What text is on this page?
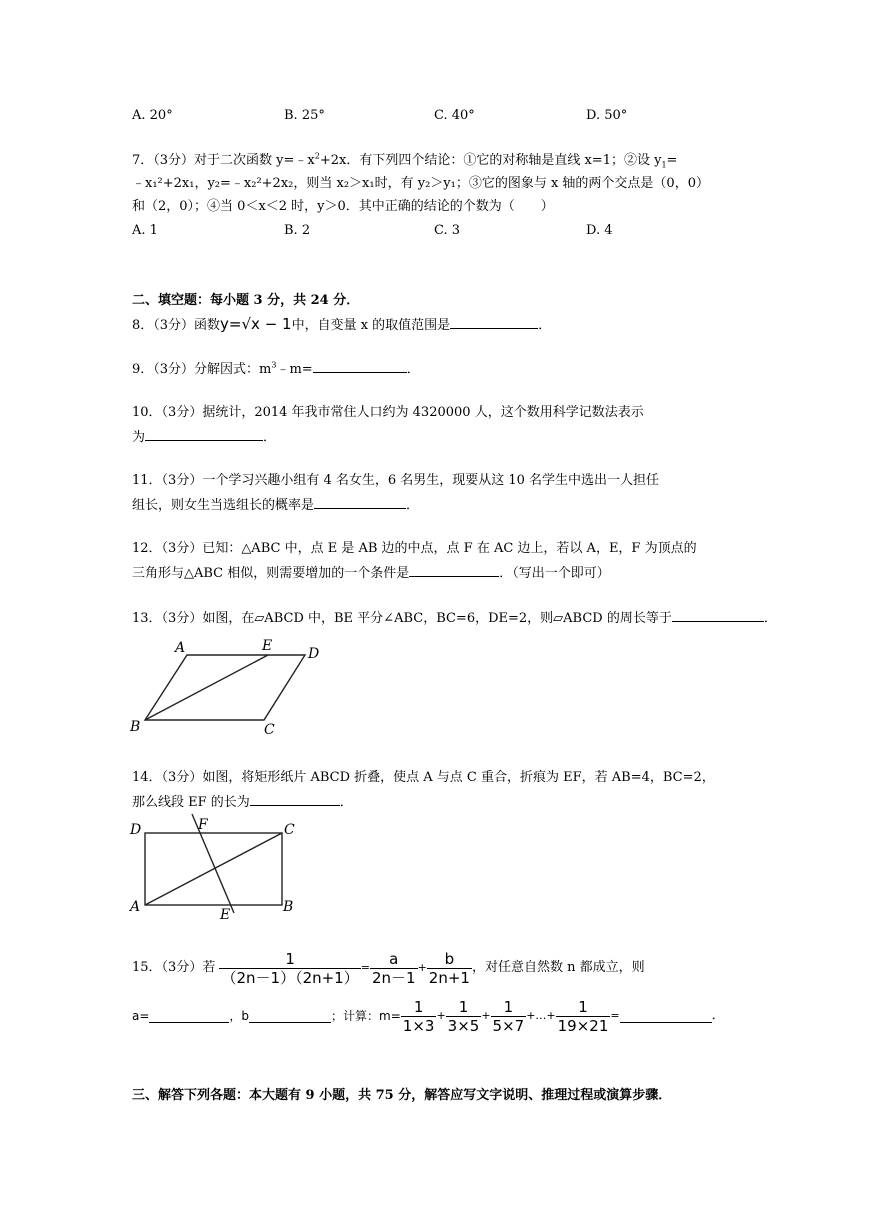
A. 20°	B. 25°	C. 40°	D. 50°
7．（3分）对于二次函数 $y=﹣x^2+2x$．有下列四个结论：①它的对称轴是直线 x=1；②设 $y_1=$
﹣x₁²+2x₁，y₂=﹣x₂²+2x₂，则当 x₂＞x₁时，有 y₂＞y₁；③它的图象与 x 轴的两个交点是（0，0）
和（2，0）；④当 0＜x＜2 时，y＞0．其中正确的结论的个数为（　　）
A. 1	B. 2	C. 3	D. 4
二、填空题：每小题 3 分，共 24 分．
8．（3分）函数y=√x − 1中，自变量 x 的取值范围是	．
9．（3分）分解因式：$m^3﹣m=$	．
10．（3分）据统计，2014 年我市常住人口约为 4320000 人，这个数用科学记数法表示
为	．
11．（3分）一个学习兴趣小组有 4 名女生，6 名男生，现要从这 10 名学生中选出一人担任
组长，则女生当选组长的概率是	．
12．（3分）已知：△ABC 中，点 E 是 AB 边的中点，点 F 在 AC 边上，若以 A，E，F 为顶点的
三角形与△ABC 相似，则需要增加的一个条件是	．（写出一个即可）
13．（3分）如图，在▱ABCD 中，BE 平分∠ABC，BC=6，DE=2，则▱ABCD 的周长等于	．
A	E	D
B	C
14．（3分）如图，将矩形纸片 ABCD 折叠，使点 A 与点 C 重合，折痕为 EF，若 AB=4，BC=2，
那么线段 EF 的长为	．
D	F	C
A	E	B
15．（3分）若 $\frac{1}{(2n-1)(2n+1)} = \frac{a}{2n-1} + \frac{b}{2n+1}$ ，对任意自然数 n 都成立，则
a=	，b	；计算：$m= \frac{1}{1\times 3} + \frac{1}{3\times 5} + \frac{1}{5\times 7}$ +…+ $\frac{1}{19\times 21}$ =	．
三、解答下列各题：本大题有 9 小题，共 75 分，解答应写文字说明、推理过程或演算步骤．
